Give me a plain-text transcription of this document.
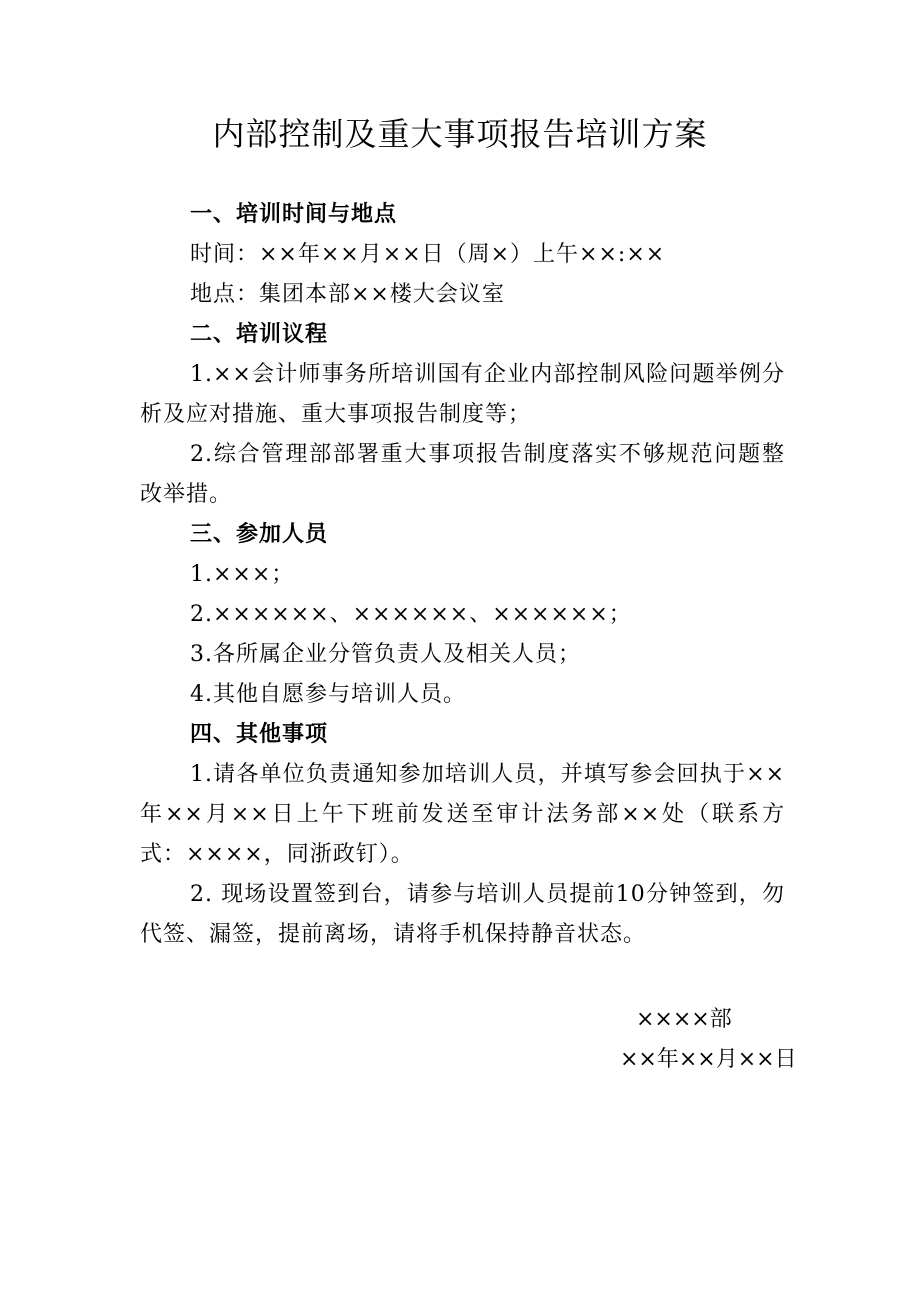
内部控制及重大事项报告培训方案

一、培训时间与地点

时间：××年××月××日（周×）上午××:××

地点：集团本部××楼大会议室

二、培训议程

1.××会计师事务所培训国有企业内部控制风险问题举例分析及应对措施、重大事项报告制度等；

2.综合管理部部署重大事项报告制度落实不够规范问题整改举措。

三、参加人员

1.×××；

2.××××××、××××××、××××××；

3.各所属企业分管负责人及相关人员；

4.其他自愿参与培训人员。

四、其他事项

1.请各单位负责通知参加培训人员，并填写参会回执于××年××月××日上午下班前发送至审计法务部××处（联系方式：××××，同浙政钉）。

2. 现场设置签到台，请参与培训人员提前10分钟签到，勿代签、漏签，提前离场，请将手机保持静音状态。

××××部
××年××月××日
